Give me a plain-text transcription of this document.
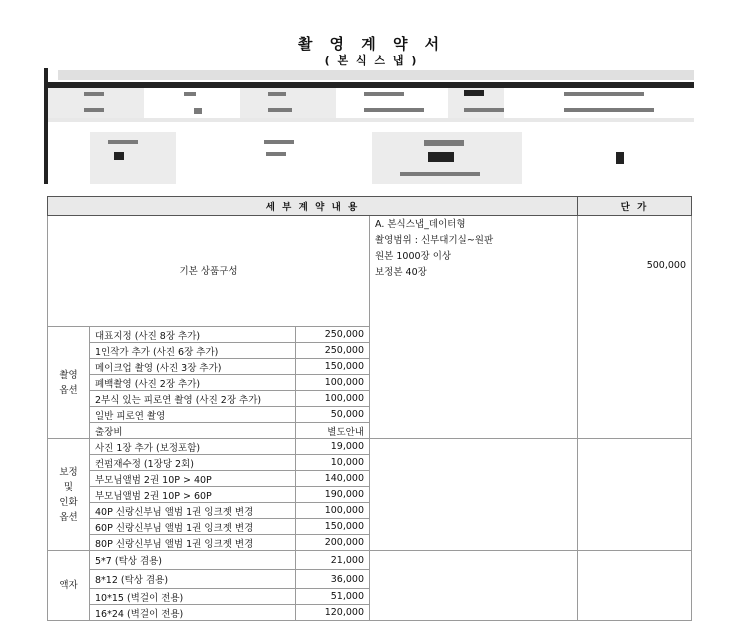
촬 영 계 약 서
( 본 식 스 냅 )
세 부 계 약 내 용				단 가
기본 상품구성			A. 본식스냅_데이터형
촬영범위 : 신부대기실~원판
원본 1000장 이상
보정본 40장	500,000
촬영
옵션	대표지정 (사진 8장 추가)	250,000		
	1인작가 추가 (사진 6장 추가)	250,000		
	메이크업 촬영 (사진 3장 추가)	150,000		
	폐백촬영 (사진 2장 추가)	100,000		
	2부식 있는 피로연 촬영 (사진 2장 추가)	100,000		
	일반 피로연 촬영	50,000		
	출장비	별도안내		
보정
및
인화
옵션	사진 1장 추가 (보정포함)	19,000		
	컨펌재수정 (1장당 2회)	10,000		
	부모님앨범 2권 10P > 40P	140,000		
	부모님앨범 2권 10P > 60P	190,000		
	40P 신랑신부님 앨범 1권 잉크젯 변경	100,000		
	60P 신랑신부님 앨범 1권 잉크젯 변경	150,000		
	80P 신랑신부님 앨범 1권 잉크젯 변경	200,000		
액자	5*7 (탁상 겸용)	21,000		
	8*12 (탁상 겸용)	36,000		
	10*15 (벽걸이 전용)	51,000		
	16*24 (벽걸이 전용)	120,000		
